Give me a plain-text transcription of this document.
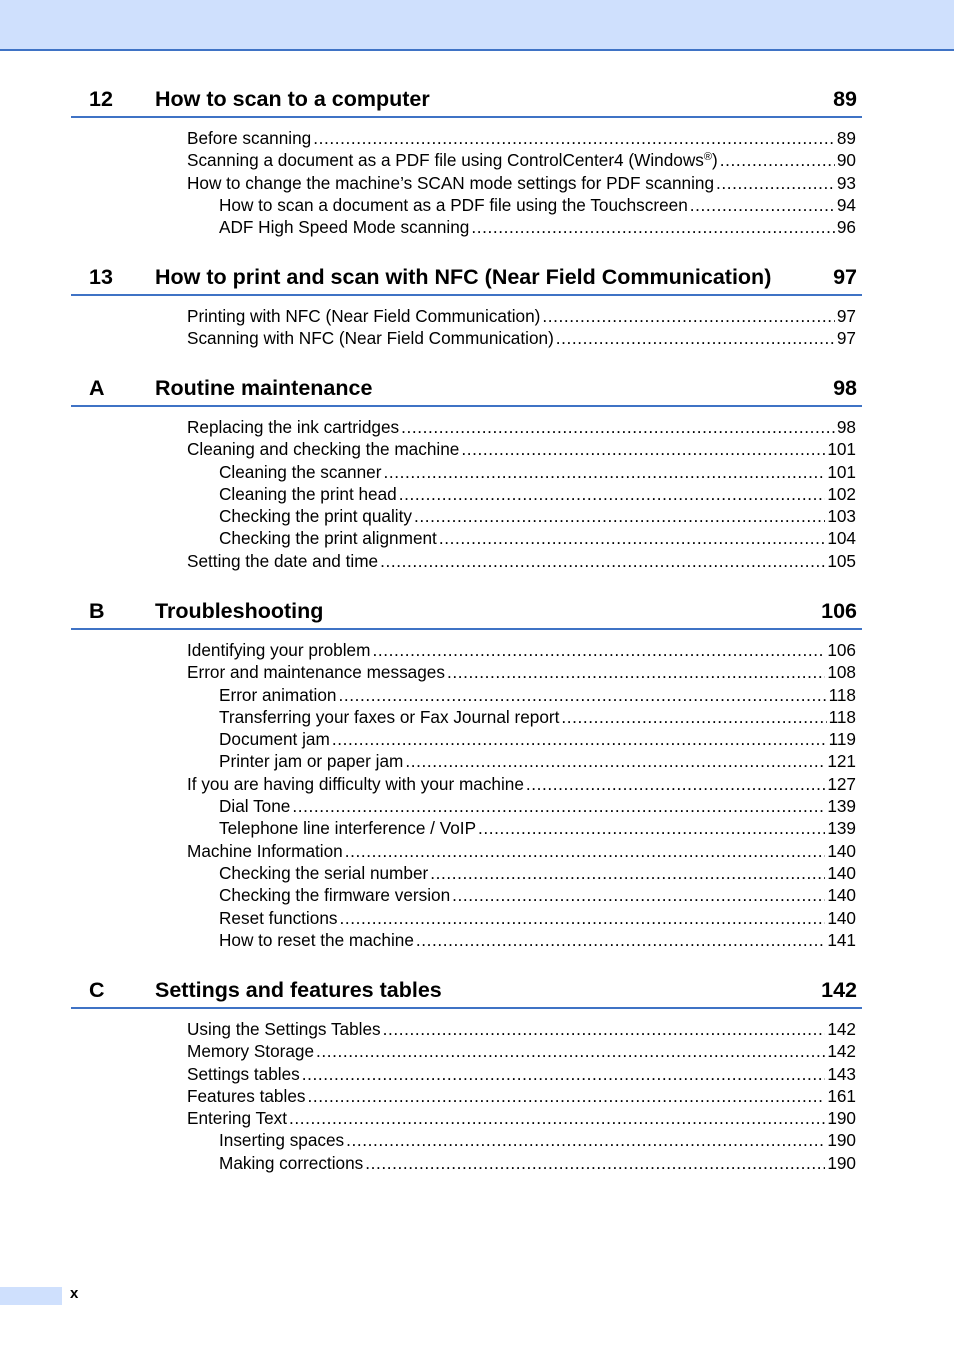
12 How to scan to a computer	89
Before scanning .....	89
Scanning a document as a PDF file using ControlCenter4 (Windows®) .....	90
How to change the machine’s SCAN mode settings for PDF scanning .....	93
How to scan a document as a PDF file using the Touchscreen .....	94
ADF High Speed Mode scanning .....	96
13 How to print and scan with NFC (Near Field Communication)	97
Printing with NFC (Near Field Communication) .....	97
Scanning with NFC (Near Field Communication) .....	97
A Routine maintenance	98
Replacing the ink cartridges .....	98
Cleaning and checking the machine .....	101
Cleaning the scanner .....	101
Cleaning the print head .....	102
Checking the print quality .....	103
Checking the print alignment .....	104
Setting the date and time .....	105
B Troubleshooting	106
Identifying your problem .....	106
Error and maintenance messages .....	108
Error animation .....	118
Transferring your faxes or Fax Journal report .....	118
Document jam .....	119
Printer jam or paper jam .....	121
If you are having difficulty with your machine .....	127
Dial Tone .....	139
Telephone line interference / VoIP .....	139
Machine Information .....	140
Checking the serial number .....	140
Checking the firmware version .....	140
Reset functions .....	140
How to reset the machine .....	141
C Settings and features tables	142
Using the Settings Tables .....	142
Memory Storage .....	142
Settings tables .....	143
Features tables .....	161
Entering Text .....	190
Inserting spaces .....	190
Making corrections .....	190
x
